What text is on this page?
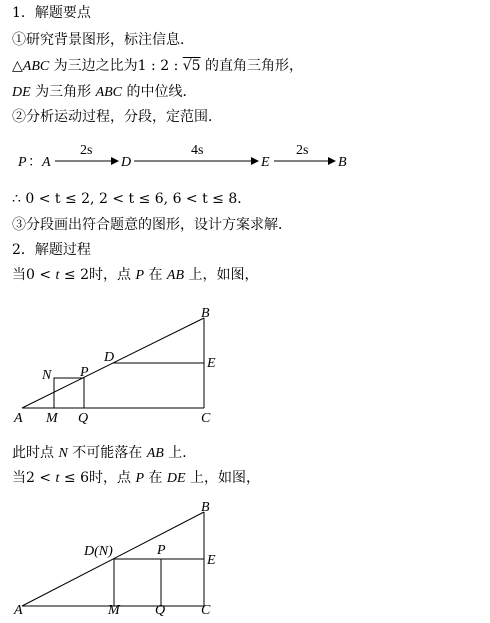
1．解题要点
①研究背景图形，标注信息．
△ABC 为三边之比为1 : 2 : √5 的直角三角形，
DE 为三角形 ABC 的中位线．
②分析运动过程，分段，定范围．
P ： A
2s
D
4s
E
2s
B
∴ 0 < t ≤ 2, 2 < t ≤ 6, 6 < t ≤ 8．
③分段画出符合题意的图形，设计方案求解．
2．解题过程
当0 < t ≤ 2时，点 P 在 AB 上，如图，
A
B
C
D	E
N P
M Q
此时点 N 不可能落在 AB 上．
当2 < t ≤ 6时，点 P 在 DE 上，如图，
A
B
C
D(N)
E
P
M	Q
